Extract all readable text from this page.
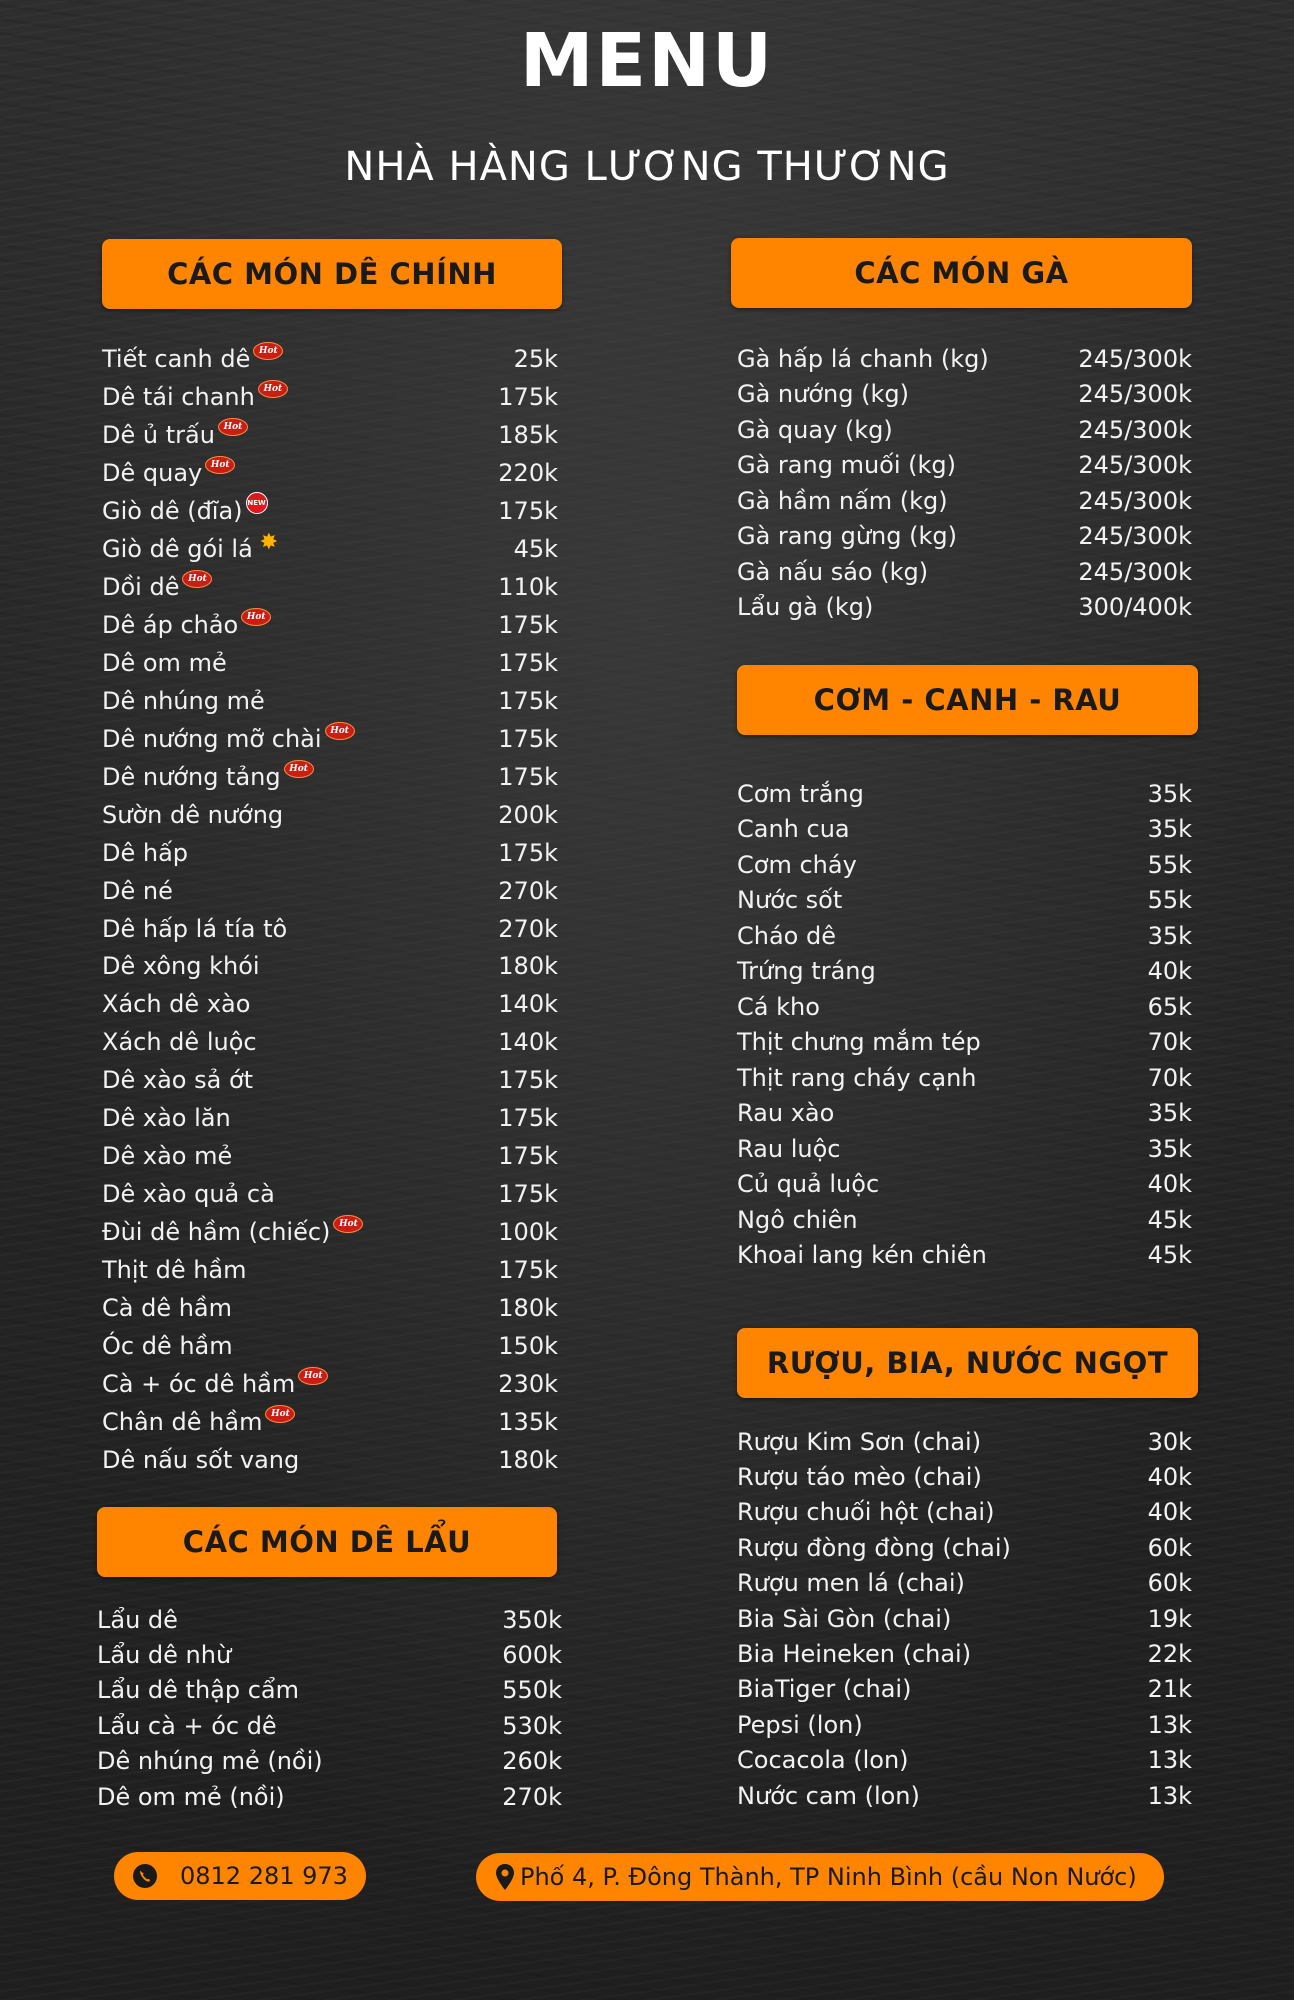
MENU
NHÀ HÀNG LƯƠNG THƯƠNG
CÁC MÓN DÊ CHÍNH
Tiết canh dê Hot	25k
Dê tái chanh Hot	175k
Dê ủ trấu Hot	185k
Dê quay Hot	220k
Giò dê (đĩa) NEW	175k
Giò dê gói lá ✸	45k
Dồi dê Hot	110k
Dê áp chảo Hot	175k
Dê om mẻ	175k
Dê nhúng mẻ	175k
Dê nướng mỡ chài Hot	175k
Dê nướng tảng Hot	175k
Sườn dê nướng	200k
Dê hấp	175k
Dê né	270k
Dê hấp lá tía tô	270k
Dê xông khói	180k
Xách dê xào	140k
Xách dê luộc	140k
Dê xào sả ớt	175k
Dê xào lăn	175k
Dê xào mẻ	175k
Dê xào quả cà	175k
Đùi dê hầm (chiếc) Hot	100k
Thịt dê hầm	175k
Cà dê hầm	180k
Óc dê hầm	150k
Cà + óc dê hầm Hot	230k
Chân dê hầm Hot	135k
Dê nấu sốt vang	180k
CÁC MÓN DÊ LẨU
Lẩu dê	350k
Lẩu dê nhừ	600k
Lẩu dê thập cẩm	550k
Lẩu cà + óc dê	530k
Dê nhúng mẻ (nồi)	260k
Dê om mẻ (nồi)	270k
CÁC MÓN GÀ
Gà hấp lá chanh (kg)	245/300k
Gà nướng (kg)	245/300k
Gà quay (kg)	245/300k
Gà rang muối (kg)	245/300k
Gà hầm nấm (kg)	245/300k
Gà rang gừng (kg)	245/300k
Gà nấu sáo (kg)	245/300k
Lẩu gà (kg)	300/400k
CƠM - CANH - RAU
Cơm trắng	35k
Canh cua	35k
Cơm cháy	55k
Nước sốt	55k
Cháo dê	35k
Trứng tráng	40k
Cá kho	65k
Thịt chưng mắm tép	70k
Thịt rang cháy cạnh	70k
Rau xào	35k
Rau luộc	35k
Củ quả luộc	40k
Ngô chiên	45k
Khoai lang kén chiên	45k
RƯỢU, BIA, NƯỚC NGỌT
Rượu Kim Sơn (chai)	30k
Rượu táo mèo (chai)	40k
Rượu chuối hột (chai)	40k
Rượu đòng đòng (chai)	60k
Rượu men lá (chai)	60k
Bia Sài Gòn (chai)	19k
Bia Heineken (chai)	22k
BiaTiger (chai)	21k
Pepsi (lon)	13k
Cocacola (lon)	13k
Nước cam (lon)	13k
0812 281 973	Phố 4, P. Đông Thành, TP Ninh Bình (cầu Non Nước)
